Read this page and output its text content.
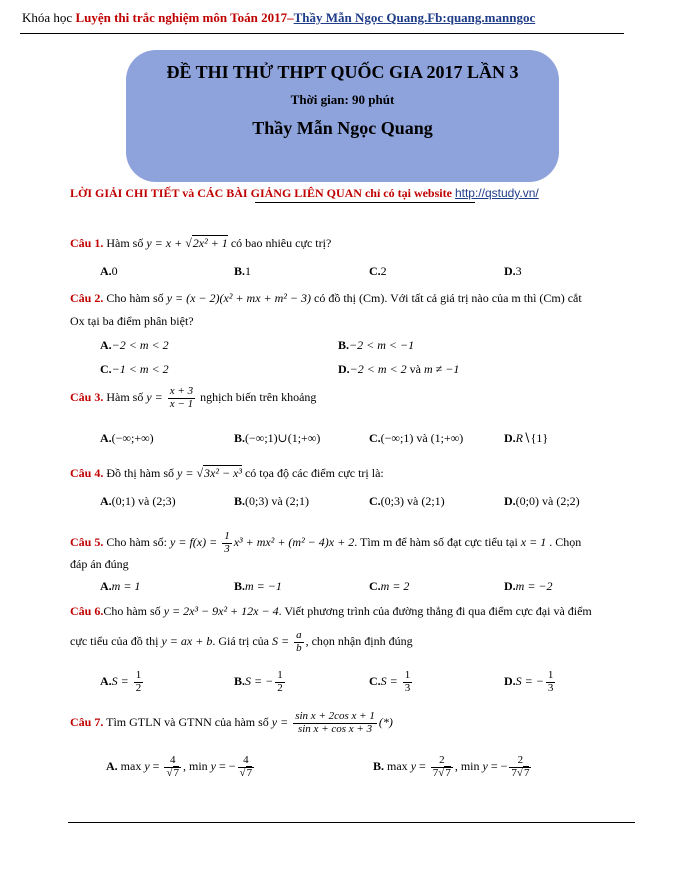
Khóa học Luyện thi trắc nghiệm môn Toán 2017–Thầy Mẫn Ngọc Quang.Fb:quang.manngoc
ĐỀ THI THỬ THPT QUỐC GIA 2017 LẦN 3
Thời gian: 90 phút
Thầy Mẫn Ngọc Quang
LỜI GIẢI CHI TIẾT và CÁC BÀI GIẢNG LIÊN QUAN chỉ có tại website http://qstudy.vn/
Câu 1. Hàm số y = x + √2x² + 1 có bao nhiêu cực trị?
A.0	B.1	C.2	D.3
Câu 2. Cho hàm số y = (x − 2)(x² + mx + m² − 3) có đồ thị (Cm). Với tất cả giá trị nào của m thì (Cm) cắt
Ox tại ba điểm phân biệt?
A.−2 < m < 2	B.−2 < m < −1
C.−1 < m < 2	D.−2 < m < 2 và m ≠ −1
Câu 3. Hàm số $y = \frac{x + 3}{x - 1}$ nghịch biến trên khoảng
A.(−∞;+∞)	B.(−∞;1)∪(1;+∞)	C.(−∞;1) và (1;+∞)	D.R∖{1}
Câu 4. Đồ thị hàm số y = √3x² − x³ có tọa độ các điểm cực trị là:
A.(0;1) và (2;3)	B.(0;3) và (2;1)	C.(0;3) và (2;1)	D.(0;0) và (2;2)
Câu 5. Cho hàm số: $y = f(x) = \frac{1}{3} x^3 + mx^2 + (m^2 - 4)x + 2$. Tìm m để hàm số đạt cực tiểu tại x = 1 . Chọn
đáp án đúng
A.m = 1	B.m = −1	C.m = 2	D.m = −2
Câu 6.Cho hàm số y = 2x³ − 9x² + 12x − 4. Viết phương trình của đường thẳng đi qua điểm cực đại và điểm
cực tiểu của đồ thị y = ax + b. Giá trị của $S = \frac{a}{b}$ , chọn nhận định đúng
$A.S = \frac{1}{2}$	B.S = − $\frac{1}{2}$	$C.S = \frac{1}{3}$	D.S = − $\frac{1}{3}$
Câu 7. Tìm GTLN và GTNN của hàm số $y = \frac{\text{sin x + 2cos x + 1}}{\text{sin x + cos x + 3}}$ (*)
A. $\max y = \frac{4}{√7}$ , min y = − $\frac{4}{√7}$	B. $\max y = \frac{2}{7√7}$ , min y = − $\frac{2}{7√7}$
